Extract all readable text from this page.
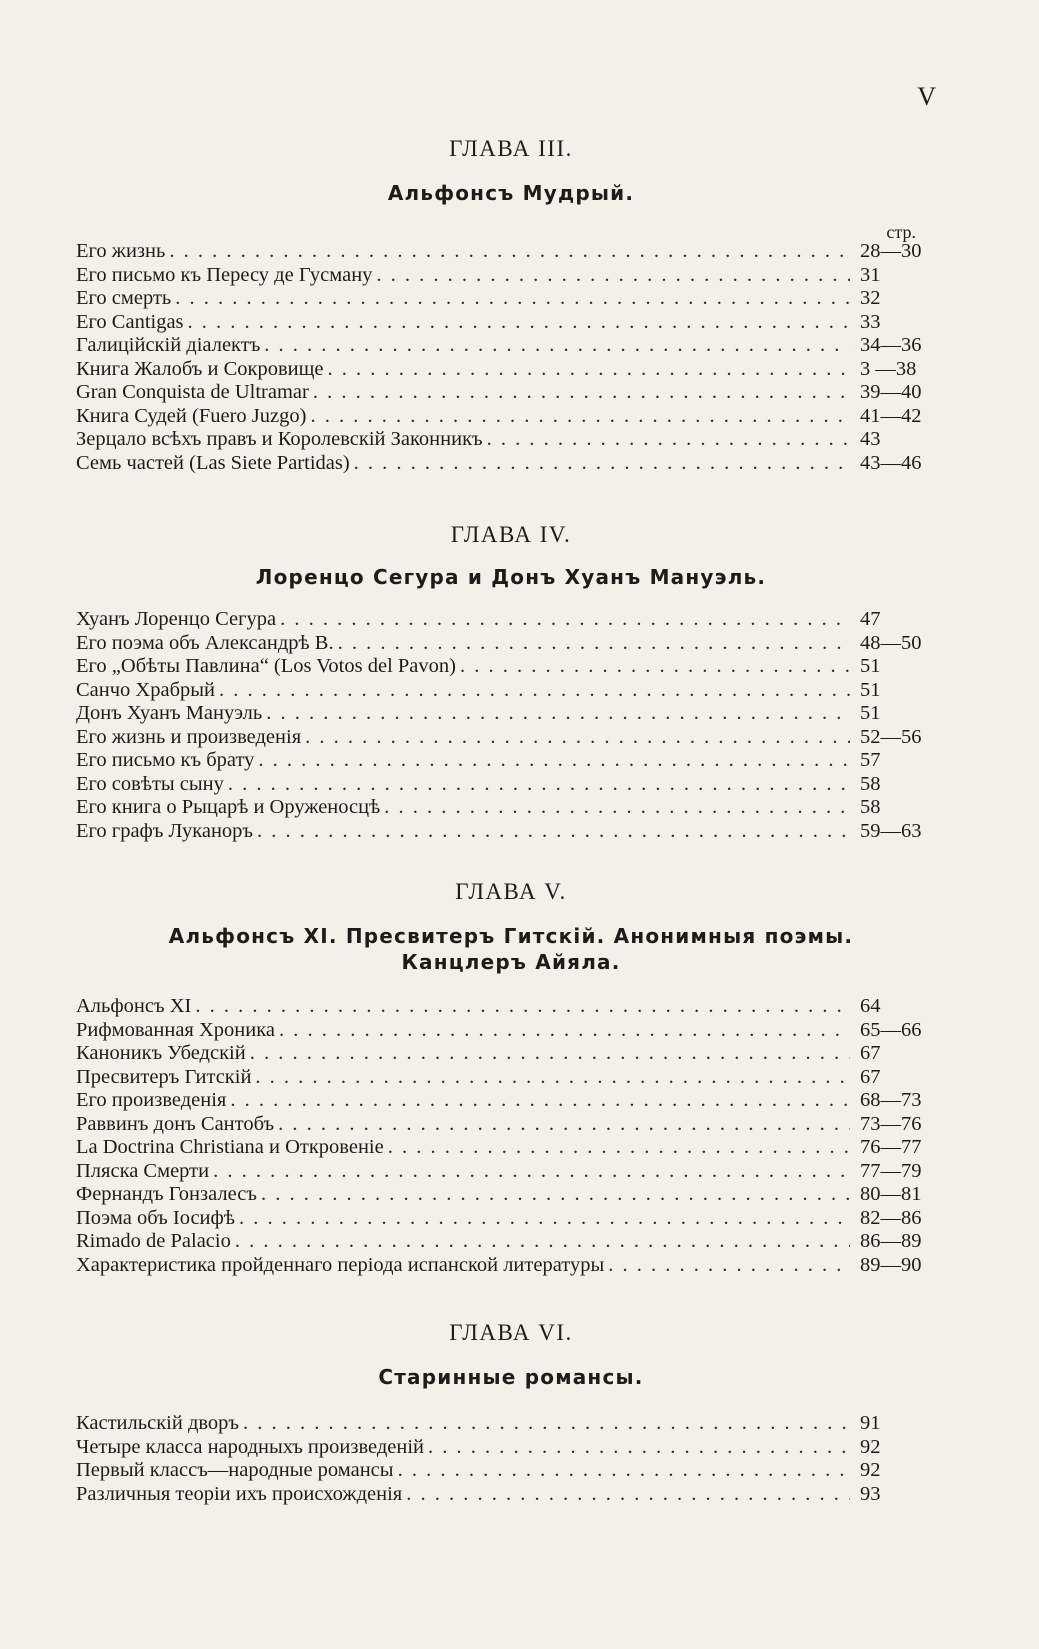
V
ГЛАВА III.
Альфонсъ Мудрый.
стр.
Его жизнь . . .	28—30
Его письмо къ Пересу де Гусману . . .	31
Его смерть . . .	32
Его Cantigas . . .	33
Галиційскій діалектъ . . .	34—36
Книга Жалобъ и Сокровище . . .	3 —38
Gran Conquista de Ultramar . . .	39—40
Книга Судей (Fuero Juzgo) . . .	41—42
Зерцало всѣхъ правъ и Королевскій Законникъ . . .	43
Семь частей (Las Siete Partidas) . . .	43—46
ГЛАВА IV.
Лоренцо Сегура и Донъ Хуанъ Мануэль.
Хуанъ Лоренцо Сегура . . .	47
Его поэма объ Александрѣ В. . . .	48—50
Его „Обѣты Павлина“ (Los Votos del Pavon) . . .	51
Санчо Храбрый . . .	51
Донъ Хуанъ Мануэль . . .	51
Его жизнь и произведенія . . .	52—56
Его письмо къ брату . . .	57
Его совѣты сыну . . .	58
Его книга о Рыцарѣ и Оруженосцѣ . . .	58
Его графъ Луканоръ . . .	59—63
ГЛАВА V.
Альфонсъ XI. Пресвитеръ Гитскій. Анонимныя поэмы.
Канцлеръ Айяла.
Альфонсъ XI . . .	64
Рифмованная Хроника . . .	65—66
Каноникъ Убедскій . . .	67
Пресвитеръ Гитскій . . .	67
Его произведенія . . .	68—73
Раввинъ донъ Сантобъ . . .	73—76
La Doctrina Christiana и Откровеніе . . .	76—77
Пляска Смерти . . .	77—79
Фернандъ Гонзалесъ . . .	80—81
Поэма объ Іосифѣ . . .	82—86
Rimado de Palacio . . .	86—89
Характеристика пройденнаго періода испанской литературы . . .	89—90
ГЛАВА VI.
Старинные романсы.
Кастильскій дворъ . . .	91
Четыре класса народныхъ произведеній . . .	92
Первый классъ—народные романсы . . .	92
Различныя теоріи ихъ происхожденія . . .	93
